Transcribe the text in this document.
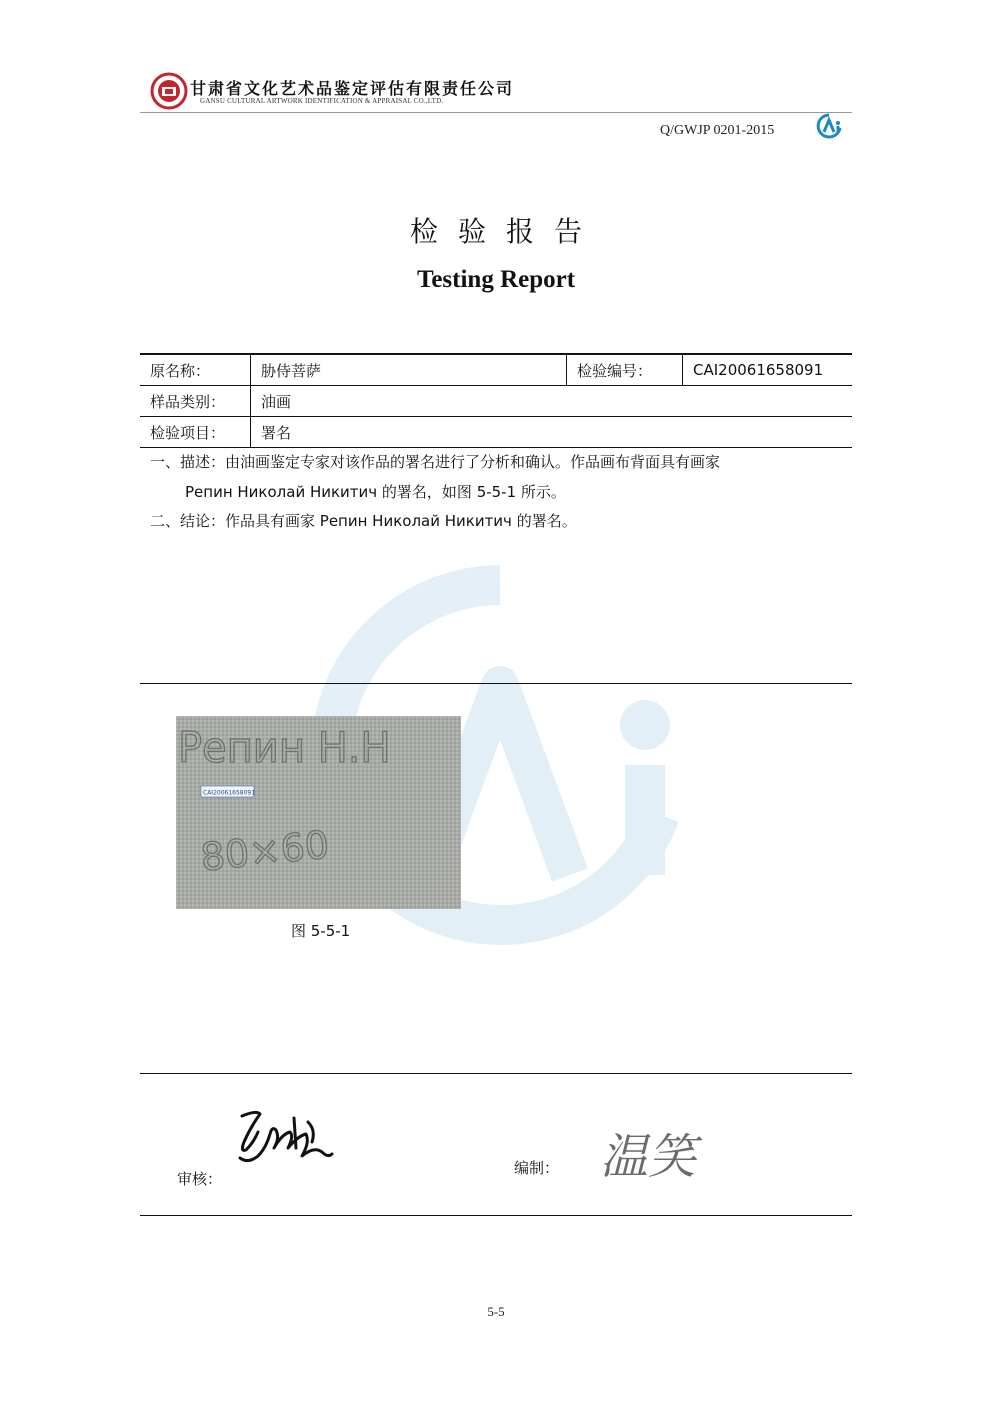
甘肃省文化艺术品鉴定评估有限责任公司
GANSU CULTURAL ARTWORK IDENTIFICATION & APPRAISAL CO.,LTD.
Q/GWJP 0201-2015
检验报告
Testing Report
原名称：	胁侍菩萨	检验编号：	CAI20061658091
样品类别：	油画		
检验项目：	署名		
一、描述：由油画鉴定专家对该作品的署名进行了分析和确认。作品画布背面具有画家
Репин Николай Никитич 的署名，如图 5-5-1 所示。
二、结论：作品具有画家 Репин Николай Никитич 的署名。
Репин Н.Н
CAI20061658091
80×60
图 5-5-1
审核：
编制： 温笑
5-5
